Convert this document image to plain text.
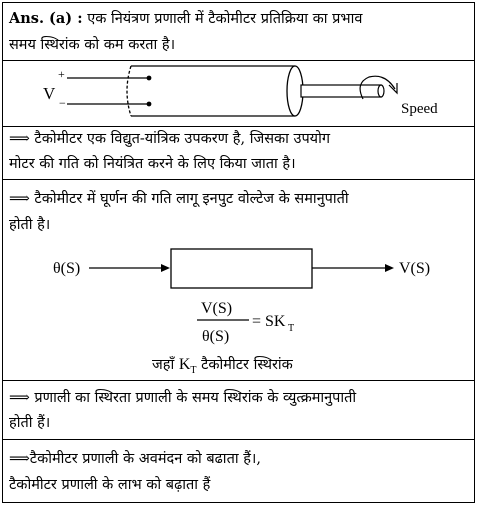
Ans. (a) : एक नियंत्रण प्रणाली में टैकोमीटर प्रतिक्रिया का प्रभाव
समय स्थिरांक को कम करता है।
V
+
−	Speed
⟹ टैकोमीटर एक विद्युत-यांत्रिक उपकरण है, जिसका उपयोग
मोटर की गति को नियंत्रित करने के लिए किया जाता है।
⟹ टैकोमीटर में घूर्णन की गति लागू इनपुट वोल्टेज के समानुपाती
होती है।
θ(S)	V(S)
V(S)
θ(S)
= SK T
जहाँ $K_T$ टैकोमीटर स्थिरांक
⟹ प्रणाली का स्थिरता प्रणाली के समय स्थिरांक के व्युत्क्रमानुपाती
होती हैं।
⟹टैकोमीटर प्रणाली के अवमंदन को बढाता हैं।,
टैकोमीटर प्रणाली के लाभ को बढ़ाता हैं
